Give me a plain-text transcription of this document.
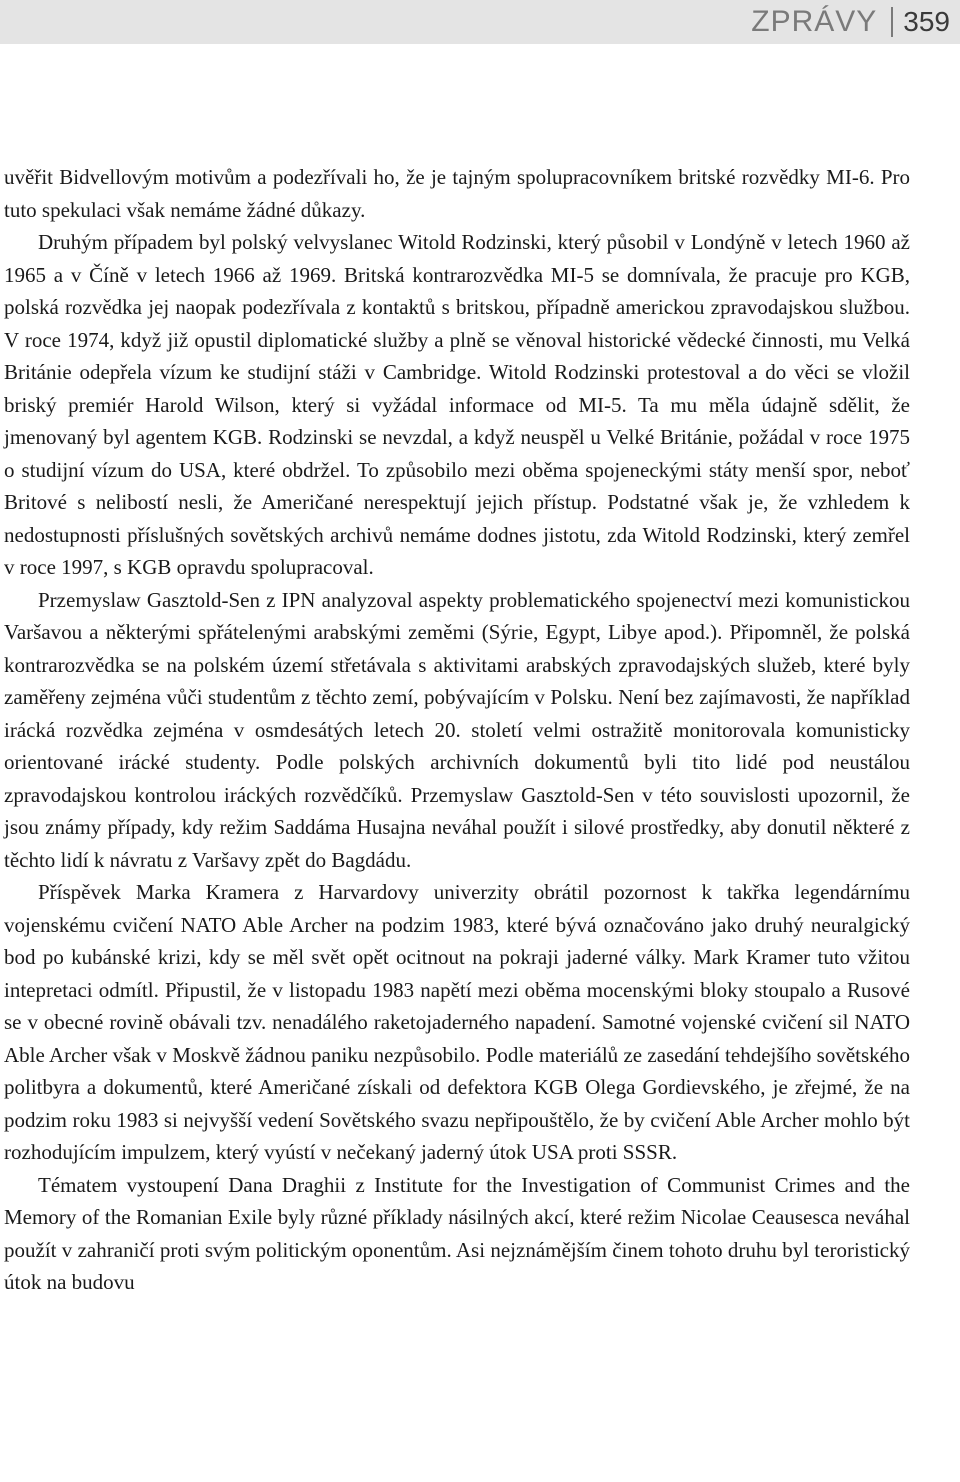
ZPRÁVY 359

uvěřit Bidvellovým motivům a podezřívali ho, že je tajným spolupracovníkem britské rozvědky MI-6. Pro tuto spekulaci však nemáme žádné důkazy.

Druhým případem byl polský velvyslanec Witold Rodzinski, který působil v Londýně v letech 1960 až 1965 a v Číně v letech 1966 až 1969. Britská kontrarozvědka MI-5 se domnívala, že pracuje pro KGB, polská rozvědka jej naopak podezřívala z kontaktů s britskou, případně americkou zpravodajskou službou. V roce 1974, když již opustil diplomatické služby a plně se věnoval historické vědecké činnosti, mu Velká Británie odepřela vízum ke studijní stáži v Cambridge. Witold Rodzinski protestoval a do věci se vložil briský premiér Harold Wilson, který si vyžádal informace od MI-5. Ta mu měla údajně sdělit, že jmenovaný byl agentem KGB. Rodzinski se nevzdal, a když neuspěl u Velké Británie, požádal v roce 1975 o studijní vízum do USA, které obdržel. To způsobilo mezi oběma spojeneckými státy menší spor, neboť Britové s nelibostí nesli, že Američané nerespektují jejich přístup. Podstatné však je, že vzhledem k nedostupnosti příslušných sovětských archivů nemáme dodnes jistotu, zda Witold Rodzinski, který zemřel v roce 1997, s KGB opravdu spolupracoval.

Przemyslaw Gasztold-Sen z IPN analyzoval aspekty problematického spojenectví mezi komunistickou Varšavou a některými spřátelenými arabskými zeměmi (Sýrie, Egypt, Libye apod.). Připomněl, že polská kontrarozvědka se na polském území střetávala s aktivitami arabských zpravodajských služeb, které byly zaměřeny zejména vůči studentům z těchto zemí, pobývajícím v Polsku. Není bez zajímavosti, že například irácká rozvědka zejména v osmdesátých letech 20. století velmi ostražitě monitorovala komunisticky orientované irácké studenty. Podle polských archivních dokumentů byli tito lidé pod neustálou zpravodajskou kontrolou iráckých rozvědčíků. Przemyslaw Gasztold-Sen v této souvislosti upozornil, že jsou známy případy, kdy režim Saddáma Husajna neváhal použít i silové prostředky, aby donutil některé z těchto lidí k návratu z Varšavy zpět do Bagdádu.

Příspěvek Marka Kramera z Harvardovy univerzity obrátil pozornost k takřka legendárnímu vojenskému cvičení NATO Able Archer na podzim 1983, které bývá označováno jako druhý neuralgický bod po kubánské krizi, kdy se měl svět opět ocitnout na pokraji jaderné války. Mark Kramer tuto vžitou intepretaci odmítl. Připustil, že v listopadu 1983 napětí mezi oběma mocenskými bloky stoupalo a Rusové se v obecné rovině obávali tzv. nenadálého raketojaderného napadení. Samotné vojenské cvičení sil NATO Able Archer však v Moskvě žádnou paniku nezpůsobilo. Podle materiálů ze zasedání tehdejšího sovětského politbyra a dokumentů, které Američané získali od defektora KGB Olega Gordievského, je zřejmé, že na podzim roku 1983 si nejvyšší vedení Sovětského svazu nepřipouštělo, že by cvičení Able Archer mohlo být rozhodujícím impulzem, který vyústí v nečekaný jaderný útok USA proti SSSR.

Tématem vystoupení Dana Draghii z Institute for the Investigation of Communist Crimes and the Memory of the Romanian Exile byly různé příklady násilných akcí, které režim Nicolae Ceausesca neváhal použít v zahraničí proti svým politickým oponentům. Asi nejznámějším činem tohoto druhu byl teroristický útok na budovu
